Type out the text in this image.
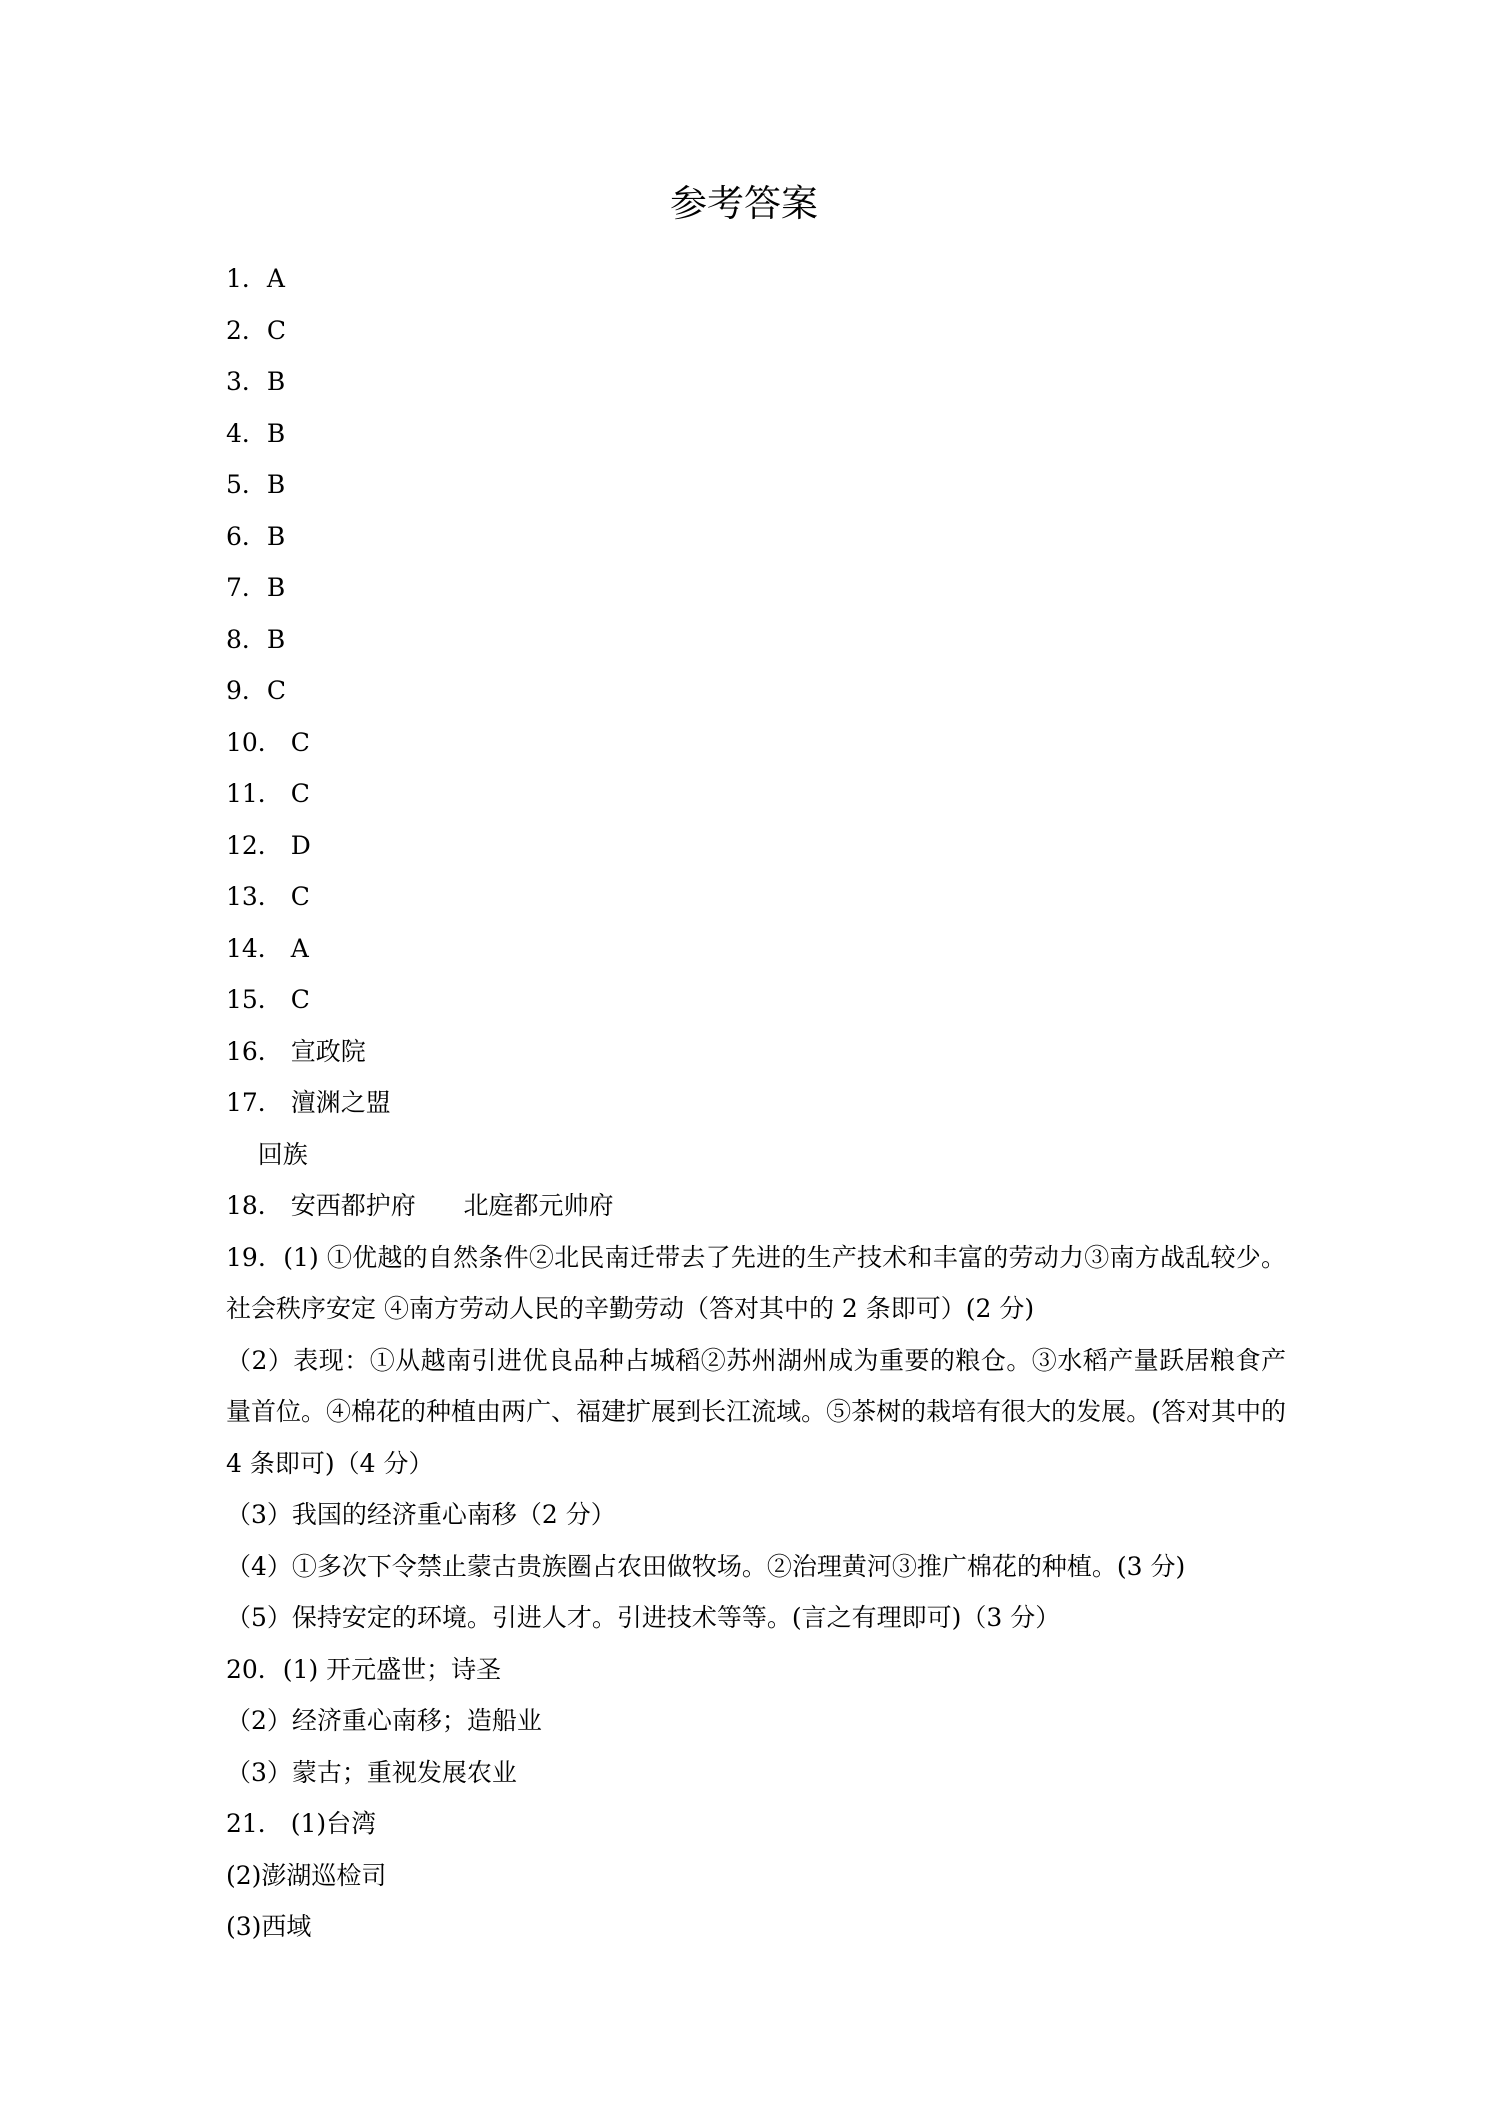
参考答案
1．A
2．C
3．B
4．B
5．B
6．B
7．B
8．B
9．C
10． C
11． C
12． D
13． C
14． A
15． C
16． 宣政院
17． 澶渊之盟
回族
18． 安西都护府      北庭都元帅府
19．(1) ①优越的自然条件②北民南迁带去了先进的生产技术和丰富的劳动力③南方战乱较少。社会秩序安定 ④南方劳动人民的辛勤劳动（答对其中的 2 条即可）(2 分)
（2）表现：①从越南引进优良品种占城稻②苏州湖州成为重要的粮仓。③水稻产量跃居粮食产量首位。④棉花的种植由两广、福建扩展到长江流域。⑤茶树的栽培有很大的发展。(答对其中的 4 条即可)（4 分）
（3）我国的经济重心南移（2 分）
（4）①多次下令禁止蒙古贵族圈占农田做牧场。②治理黄河③推广棉花的种植。(3 分)
（5）保持安定的环境。引进人才。引进技术等等。(言之有理即可)（3 分）
20．(1) 开元盛世；诗圣
（2）经济重心南移；造船业
（3）蒙古；重视发展农业
21． (1)台湾
(2)澎湖巡检司
(3)西域
